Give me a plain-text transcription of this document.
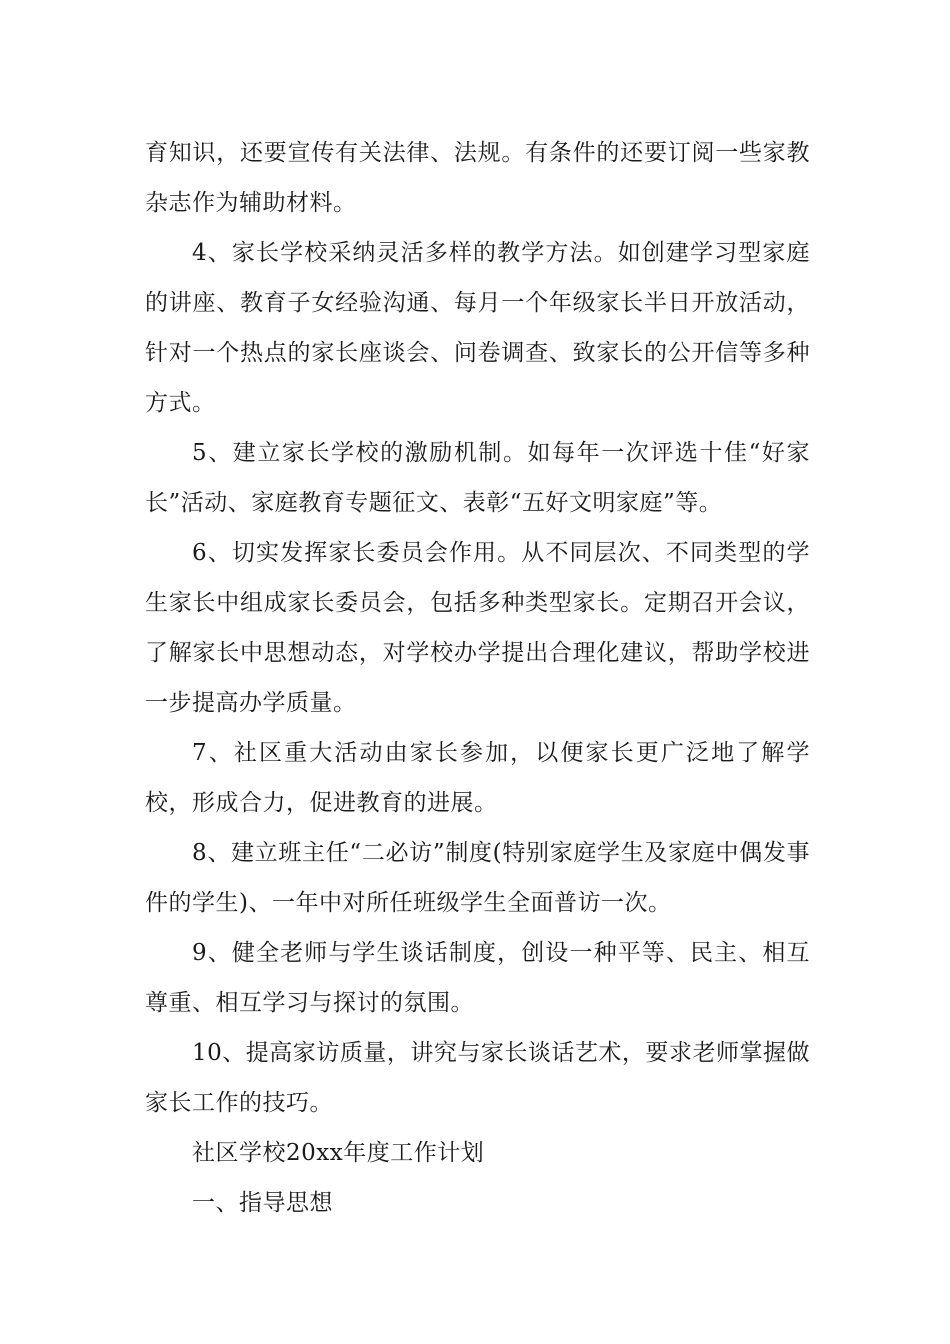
育知识，还要宣传有关法律、法规。有条件的还要订阅一些家教杂志作为辅助材料。

4、家长学校采纳灵活多样的教学方法。如创建学习型家庭的讲座、教育子女经验沟通、每月一个年级家长半日开放活动，针对一个热点的家长座谈会、问卷调查、致家长的公开信等多种方式。

5、建立家长学校的激励机制。如每年一次评选十佳“好家长”活动、家庭教育专题征文、表彰“五好文明家庭”等。

6、切实发挥家长委员会作用。从不同层次、不同类型的学生家长中组成家长委员会，包括多种类型家长。定期召开会议，了解家长中思想动态，对学校办学提出合理化建议，帮助学校进一步提高办学质量。

7、社区重大活动由家长参加，以便家长更广泛地了解学校，形成合力，促进教育的进展。

8、建立班主任“二必访”制度(特别家庭学生及家庭中偶发事件的学生)、一年中对所任班级学生全面普访一次。

9、健全老师与学生谈话制度，创设一种平等、民主、相互尊重、相互学习与探讨的氛围。

10、提高家访质量，讲究与家长谈话艺术，要求老师掌握做家长工作的技巧。

社区学校20xx年度工作计划

一、指导思想
